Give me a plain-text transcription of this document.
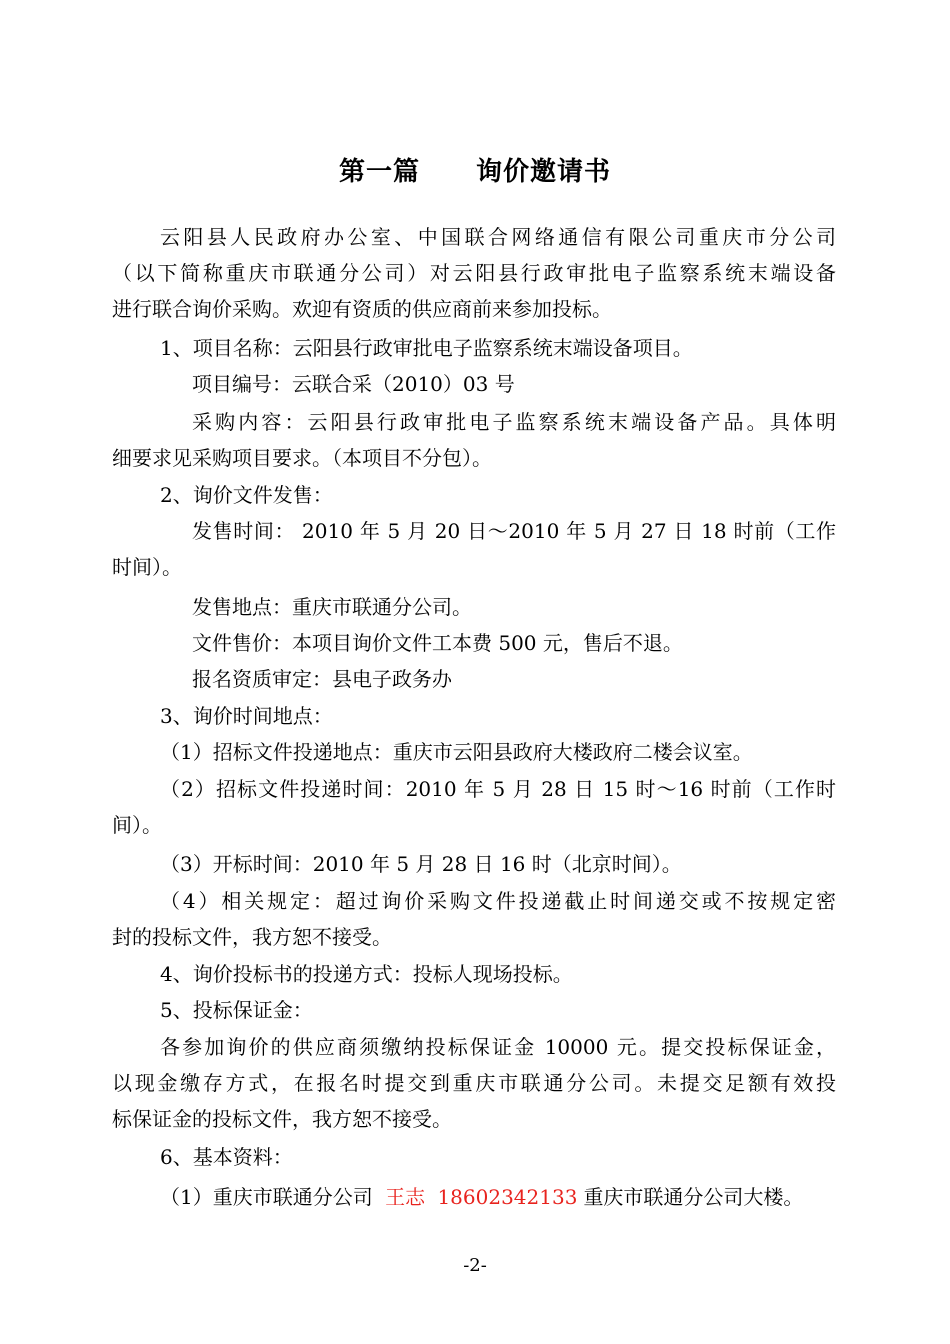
第一篇 询价邀请书
云阳县人民政府办公室、中国联合网络通信有限公司重庆市分公司
（以下简称重庆市联通分公司）对云阳县行政审批电子监察系统末端设备
进行联合询价采购。欢迎有资质的供应商前来参加投标。
1、项目名称：云阳县行政审批电子监察系统末端设备项目。
项目编号：云联合采（2010）03 号
采购内容：云阳县行政审批电子监察系统末端设备产品。具体明
细要求见采购项目要求。（本项目不分包）。
2、询价文件发售：
发售时间： 2010 年 5 月 20 日～2010 年 5 月 27 日 18 时前（工作
时间）。
发售地点：重庆市联通分公司。
文件售价：本项目询价文件工本费 500 元，售后不退。
报名资质审定：县电子政务办
3、询价时间地点：
（1）招标文件投递地点：重庆市云阳县政府大楼政府二楼会议室。
（2）招标文件投递时间：2010 年 5 月 28 日 15 时～16 时前（工作时
间）。
（3）开标时间：2010 年 5 月 28 日 16 时（北京时间）。
（4）相关规定：超过询价采购文件投递截止时间递交或不按规定密
封的投标文件，我方恕不接受。
4、询价投标书的投递方式：投标人现场投标。
5、投标保证金：
各参加询价的供应商须缴纳投标保证金 10000 元。提交投标保证金，
以现金缴存方式，在报名时提交到重庆市联通分公司。未提交足额有效投
标保证金的投标文件，我方恕不接受。
6、基本资料：
（1）重庆市联通分公司 王志 18602342133 重庆市联通分公司大楼。
-2-
